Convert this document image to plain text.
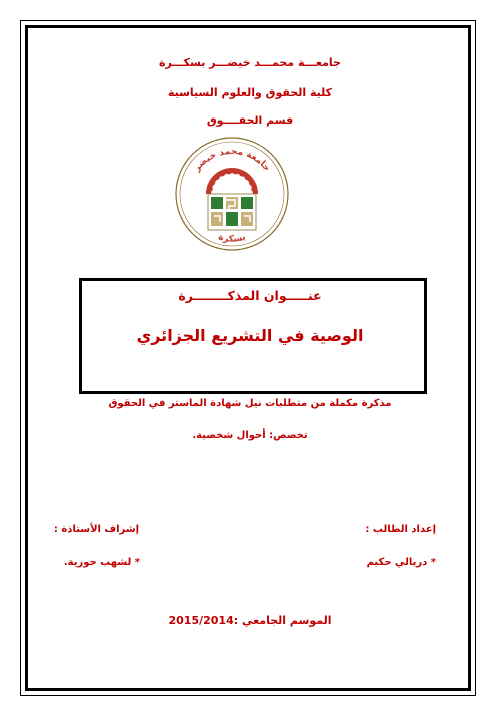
جامعـــة محمـــد خيضـــر بسكـــرة
كلية الحقوق والعلوم السياسية
قسم الحقــــوق
جامعة محمد خيضر
بسكرة
عنـــــوان المذكــــــــرة
الوصية في التشريع الجزائري
مذكرة مكملة من متطلبات نيل شهادة الماستر في الحقوق
تخصص: أحوال شخصية.
إعداد الطالب :
إشراف الأستاذة :
* دريالي حكيم
* لشهب حورية.
الموسم الجامعي :2015/2014
